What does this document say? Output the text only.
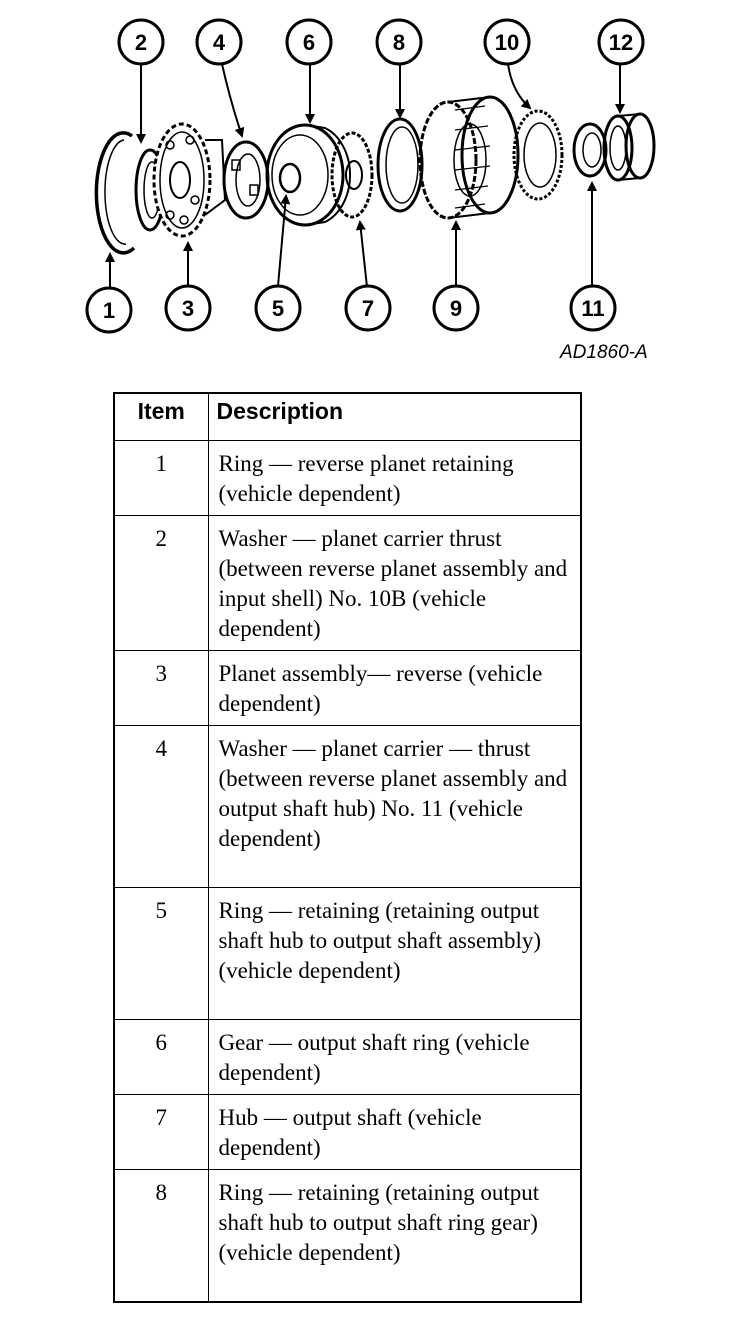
1
2
3
4
5
6
7
8
9
10
11
12
AD1860-A
Item	Description
1	Ring — reverse planet retaining (vehicle dependent)
2	Washer — planet carrier thrust (between reverse planet assembly and input shell) No. 10B (vehicle dependent)
3	Planet assembly— reverse (vehicle dependent)
4	Washer — planet carrier — thrust (between reverse planet assembly and output shaft hub) No. 11 (vehicle dependent)
5	Ring — retaining (retaining output shaft hub to output shaft assembly) (vehicle dependent)
6	Gear — output shaft ring (vehicle dependent)
7	Hub — output shaft (vehicle dependent)
8	Ring — retaining (retaining output shaft hub to output shaft ring gear) (vehicle dependent)
